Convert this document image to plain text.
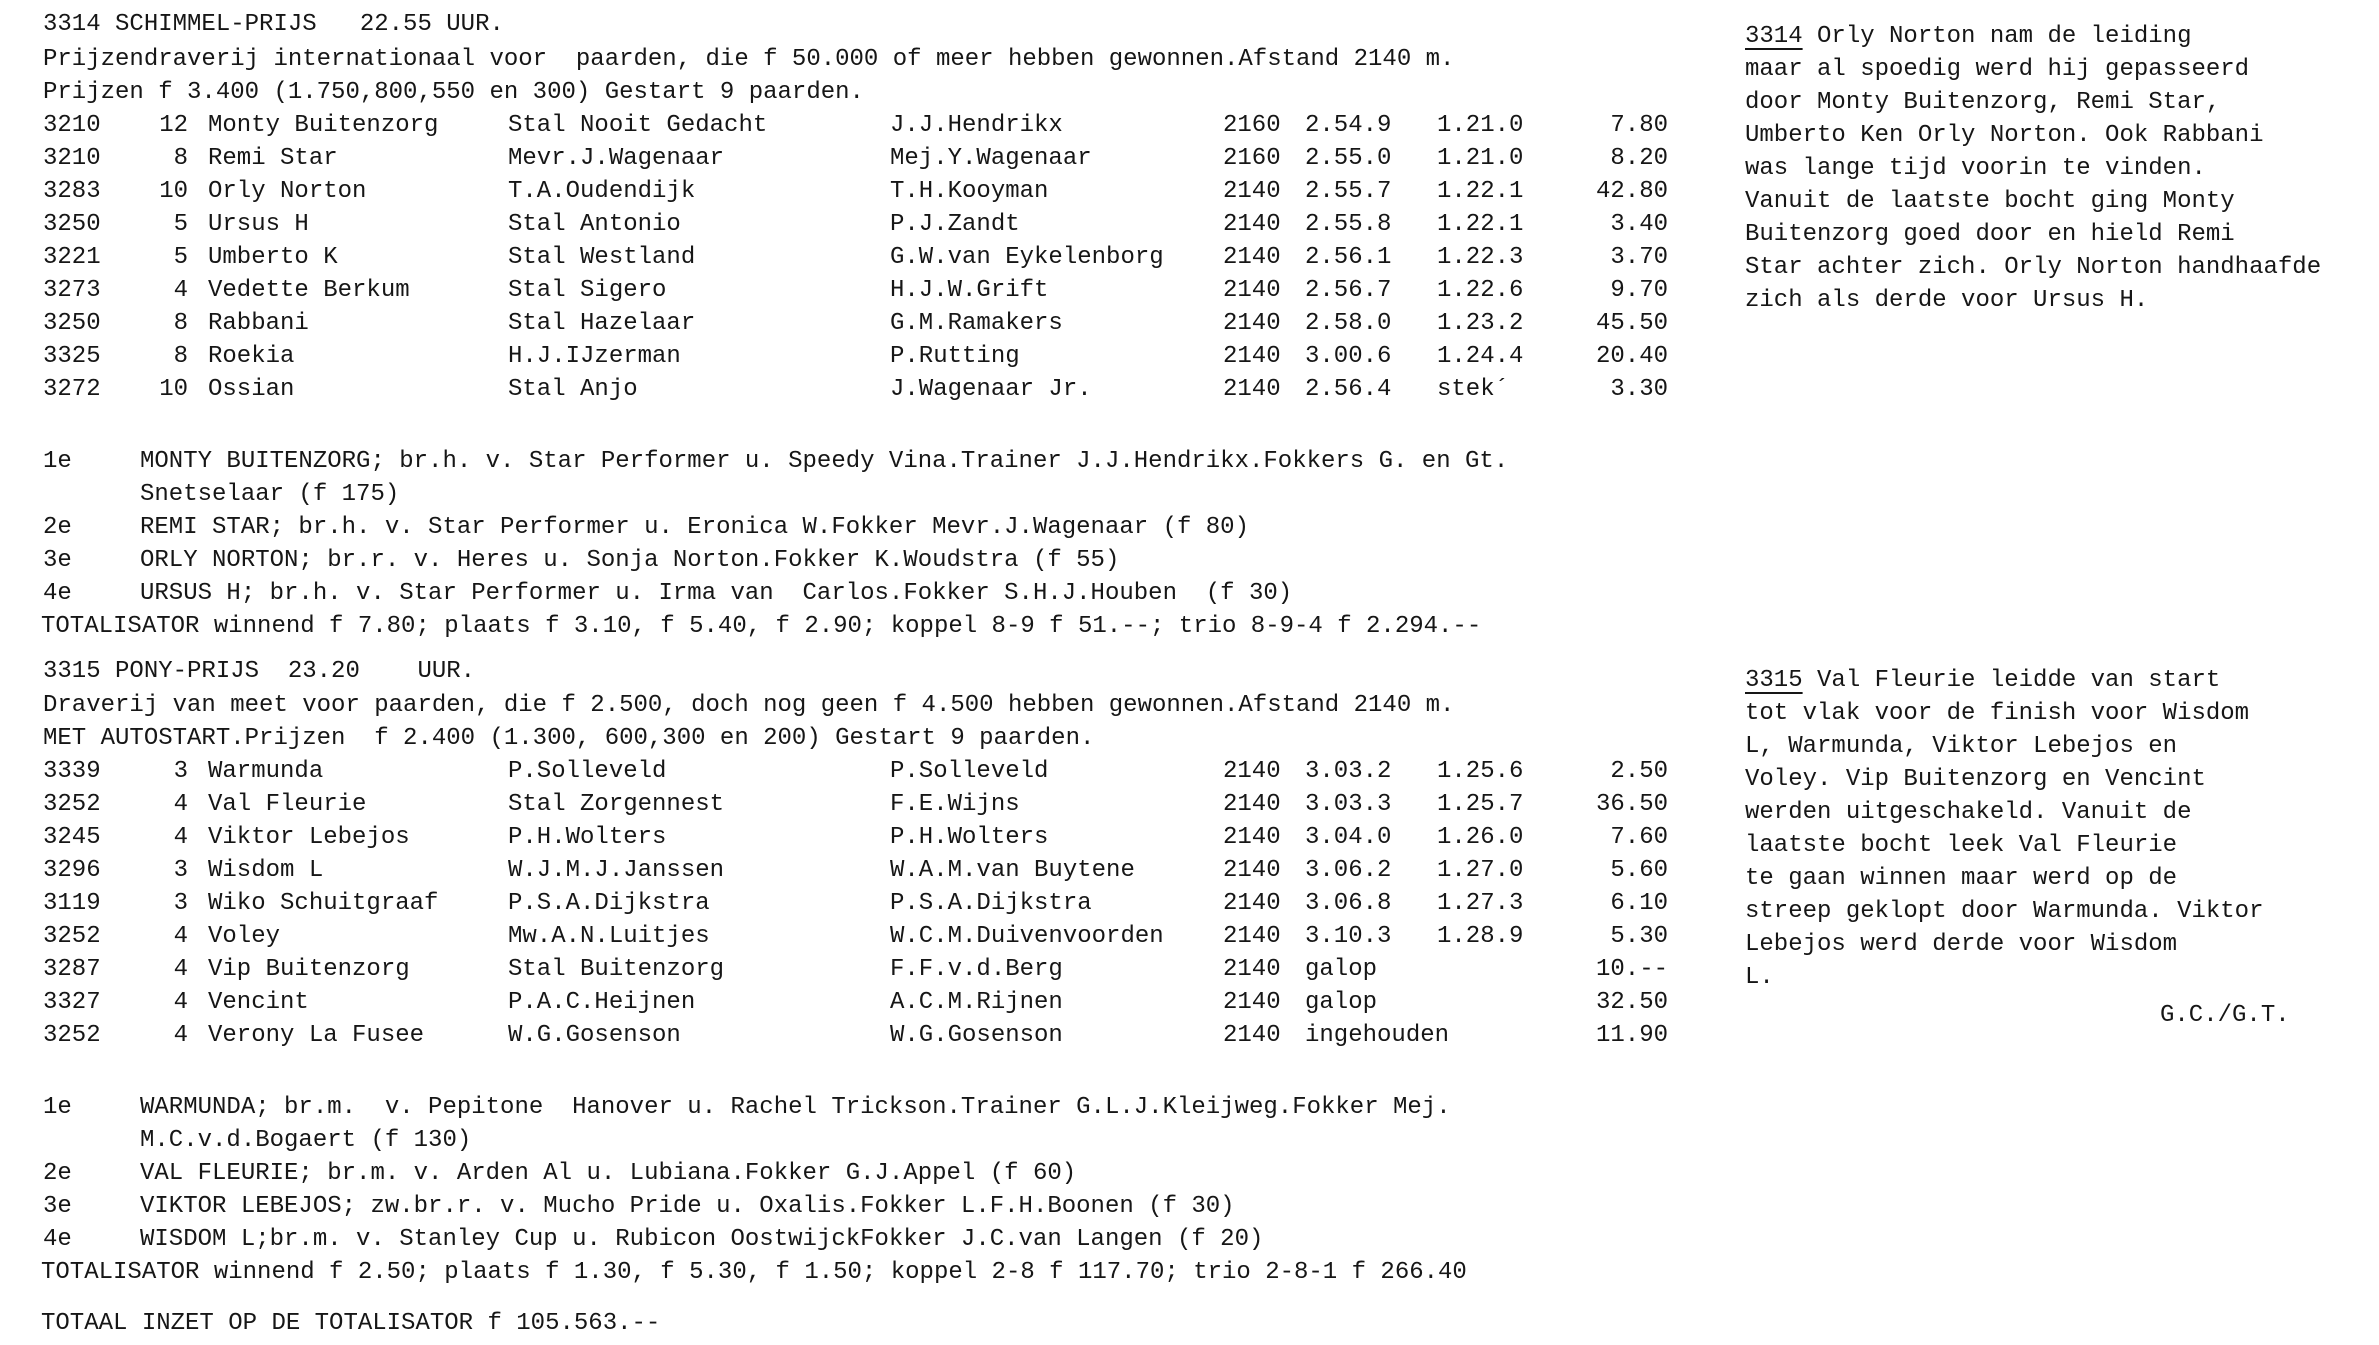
3314 SCHIMMEL-PRIJS   22.55 UUR.
Prijzendraverij internationaal voor  paarden, die f 50.000 of meer hebben gewonnen.Afstand 2140 m.
Prijzen f 3.400 (1.750,800,550 en 300) Gestart 9 paarden.
3210	12 Monty Buitenzorg	Stal Nooit Gedacht	J.J.Hendrikx	2160 2.54.9 1.21.0	7.80
3210	8 Remi Star	Mevr.J.Wagenaar	Mej.Y.Wagenaar	2160 2.55.0 1.21.0	8.20
3283	10 Orly Norton	T.A.Oudendijk	T.H.Kooyman	2140 2.55.7 1.22.1	42.80
3250	5 Ursus H	Stal Antonio	P.J.Zandt	2140 2.55.8 1.22.1	3.40
3221	5 Umberto K	Stal Westland	G.W.van Eykelenborg 2140 2.56.1 1.22.3	3.70
3273	4 Vedette Berkum	Stal Sigero	H.J.W.Grift	2140 2.56.7 1.22.6	9.70
3250	8 Rabbani	Stal Hazelaar	G.M.Ramakers	2140 2.58.0 1.23.2	45.50
3325	8 Roekia	H.J.IJzerman	P.Rutting	2140 3.00.6 1.24.4	20.40
3272	10 Ossian	Stal Anjo	J.Wagenaar Jr.	2140 2.56.4 stek´	3.30
1e	MONTY BUITENZORG; br.h. v. Star Performer u. Speedy Vina.Trainer J.J.Hendrikx.Fokkers G. en Gt.
Snetselaar (f 175)
2e	REMI STAR; br.h. v. Star Performer u. Eronica W.Fokker Mevr.J.Wagenaar (f 80)
3e	ORLY NORTON; br.r. v. Heres u. Sonja Norton.Fokker K.Woudstra (f 55)
4e	URSUS H; br.h. v. Star Performer u. Irma van  Carlos.Fokker S.H.J.Houben  (f 30)
TOTALISATOR winnend f 7.80; plaats f 3.10, f 5.40, f 2.90; koppel 8-9 f 51.--; trio 8-9-4 f 2.294.--
3315 PONY-PRIJS  23.20    UUR.
Draverij van meet voor paarden, die f 2.500, doch nog geen f 4.500 hebben gewonnen.Afstand 2140 m.
MET AUTOSTART.Prijzen  f 2.400 (1.300, 600,300 en 200) Gestart 9 paarden.
3339	3 Warmunda	P.Solleveld	P.Solleveld	2140 3.03.2 1.25.6	2.50
3252	4 Val Fleurie	Stal Zorgennest	F.E.Wijns	2140 3.03.3 1.25.7	36.50
3245	4 Viktor Lebejos	P.H.Wolters	P.H.Wolters	2140 3.04.0 1.26.0	7.60
3296	3 Wisdom L	W.J.M.J.Janssen	W.A.M.van Buytene	2140 3.06.2 1.27.0	5.60
3119	3 Wiko Schuitgraaf	P.S.A.Dijkstra	P.S.A.Dijkstra	2140 3.06.8 1.27.3	6.10
3252	4 Voley	Mw.A.N.Luitjes	W.C.M.Duivenvoorden 2140 3.10.3 1.28.9	5.30
3287	4 Vip Buitenzorg	Stal Buitenzorg	F.F.v.d.Berg	2140 galop	10.--
3327	4 Vencint	P.A.C.Heijnen	A.C.M.Rijnen	2140 galop	32.50
3252	4 Verony La Fusee	W.G.Gosenson	W.G.Gosenson	2140 ingehouden	11.90
1e	WARMUNDA; br.m.  v. Pepitone  Hanover u. Rachel Trickson.Trainer G.L.J.Kleijweg.Fokker Mej.
M.C.v.d.Bogaert (f 130)
2e	VAL FLEURIE; br.m. v. Arden Al u. Lubiana.Fokker G.J.Appel (f 60)
3e	VIKTOR LEBEJOS; zw.br.r. v. Mucho Pride u. Oxalis.Fokker L.F.H.Boonen (f 30)
4e	WISDOM L;br.m. v. Stanley Cup u. Rubicon OostwijckFokker J.C.van Langen (f 20)
TOTALISATOR winnend f 2.50; plaats f 1.30, f 5.30, f 1.50; koppel 2-8 f 117.70; trio 2-8-1 f 266.40
TOTAAL INZET OP DE TOTALISATOR f 105.563.--
3314 Orly Norton nam de leiding
maar al spoedig werd hij gepasseerd
door Monty Buitenzorg, Remi Star,
Umberto Ken Orly Norton. Ook Rabbani
was lange tijd voorin te vinden.
Vanuit de laatste bocht ging Monty
Buitenzorg goed door en hield Remi
Star achter zich. Orly Norton handhaafde
zich als derde voor Ursus H.
3315 Val Fleurie leidde van start
tot vlak voor de finish voor Wisdom
L, Warmunda, Viktor Lebejos en
Voley. Vip Buitenzorg en Vencint
werden uitgeschakeld. Vanuit de
laatste bocht leek Val Fleurie
te gaan winnen maar werd op de
streep geklopt door Warmunda. Viktor
Lebejos werd derde voor Wisdom
L.
G.C./G.T.
